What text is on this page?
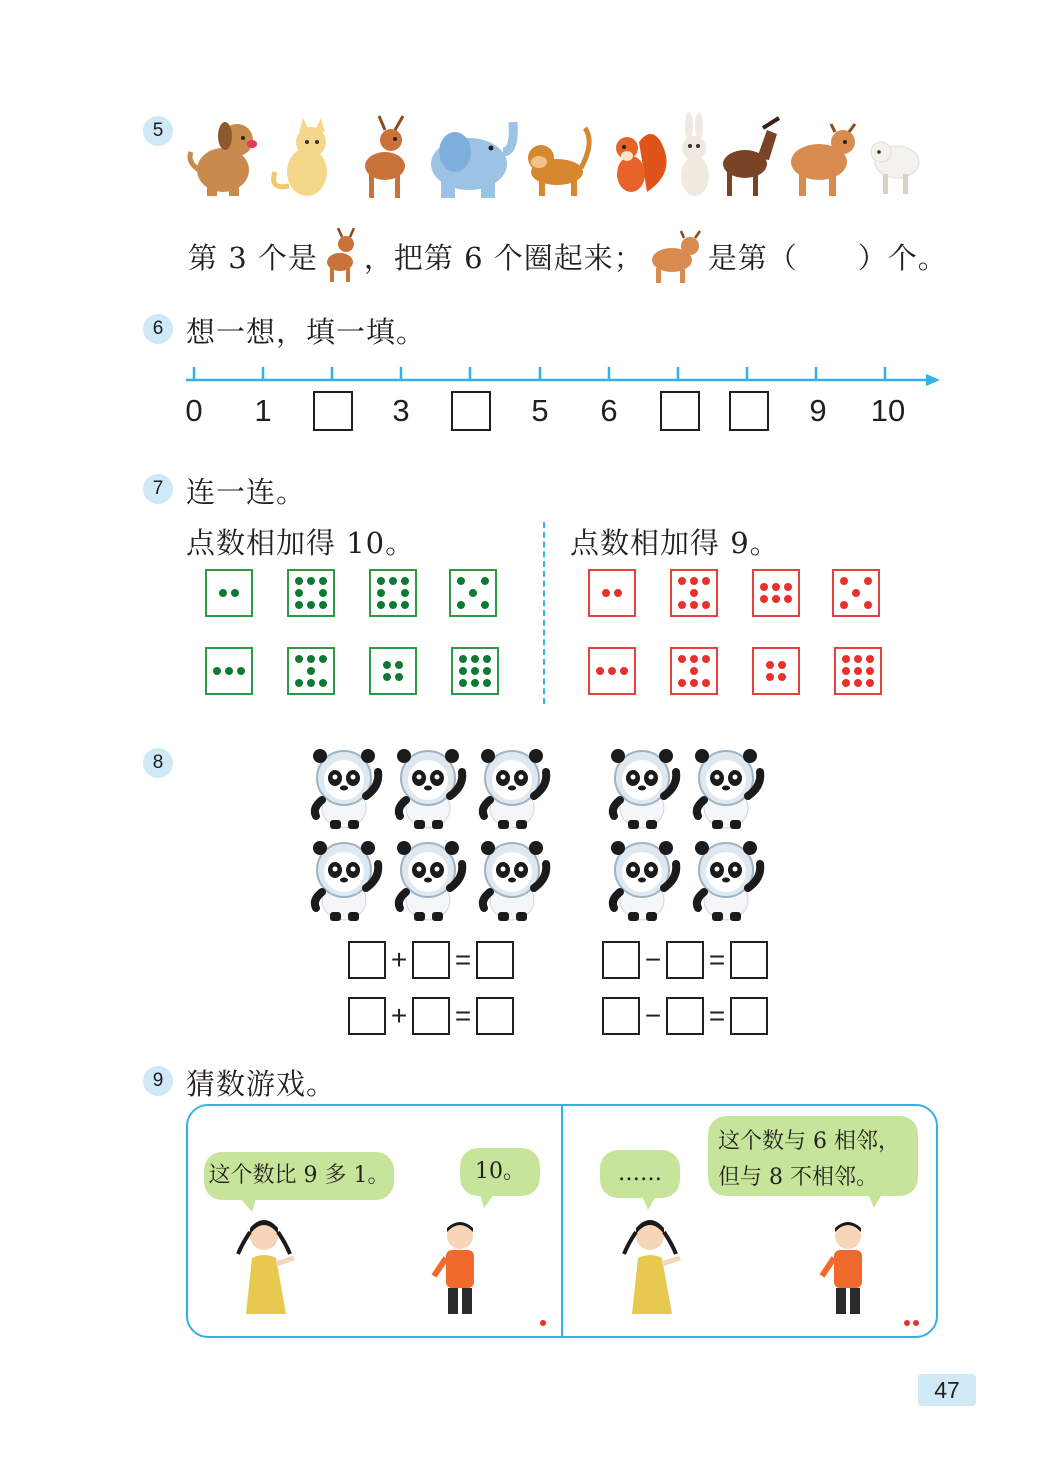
5
第 3 个是 ，把第 6 个圈起来； 是第（　　）个。
6 想一想，填一填。
0	1	3	5	6	9	10
7 连一连。
点数相加得 10。	点数相加得 9。
8
+ =
+ =
− =
− =
9 猜数游戏。
这个数比 9 多 1。	10。	……
这个数与 6 相邻，
但与 8 不相邻。
47
